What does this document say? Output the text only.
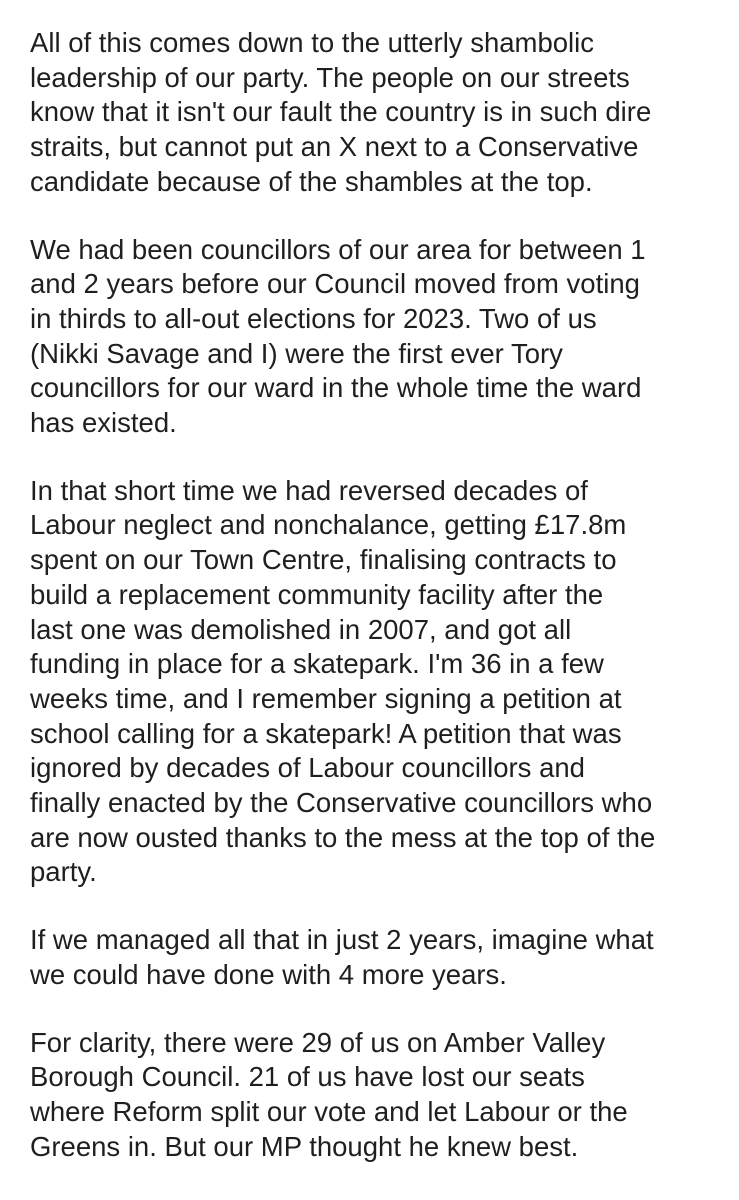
All of this comes down to the utterly shambolic
leadership of our party. The people on our streets
know that it isn't our fault the country is in such dire
straits, but cannot put an X next to a Conservative
candidate because of the shambles at the top.

We had been councillors of our area for between 1
and 2 years before our Council moved from voting
in thirds to all-out elections for 2023. Two of us
(Nikki Savage and I) were the first ever Tory
councillors for our ward in the whole time the ward
has existed.

In that short time we had reversed decades of
Labour neglect and nonchalance, getting £17.8m
spent on our Town Centre, finalising contracts to
build a replacement community facility after the
last one was demolished in 2007, and got all
funding in place for a skatepark. I'm 36 in a few
weeks time, and I remember signing a petition at
school calling for a skatepark! A petition that was
ignored by decades of Labour councillors and
finally enacted by the Conservative councillors who
are now ousted thanks to the mess at the top of the
party.

If we managed all that in just 2 years, imagine what
we could have done with 4 more years.

For clarity, there were 29 of us on Amber Valley
Borough Council. 21 of us have lost our seats
where Reform split our vote and let Labour or the
Greens in. But our MP thought he knew best.
